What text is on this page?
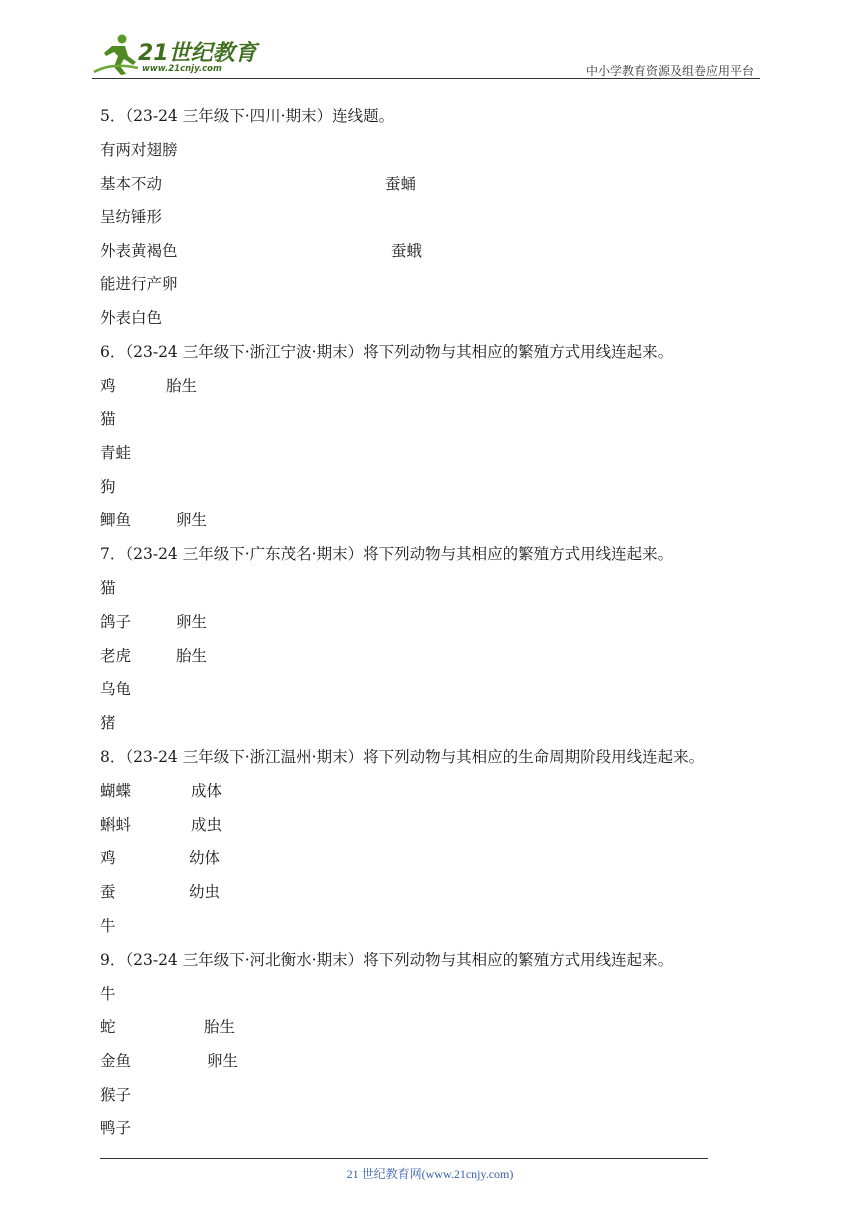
21世纪教育
www.21cnjy.com	中小学教育资源及组卷应用平台
5．（23-24 三年级下·四川·期末）连线题。
有两对翅膀
基本不动	蚕蛹
呈纺锤形
外表黄褐色	蚕蛾
能进行产卵
外表白色
6．（23-24 三年级下·浙江宁波·期末）将下列动物与其相应的繁殖方式用线连起来。
鸡	胎生
猫
青蛙
狗
鲫鱼	卵生
7．（23-24 三年级下·广东茂名·期末）将下列动物与其相应的繁殖方式用线连起来。
猫
鸽子	卵生
老虎	胎生
乌龟
猪
8．（23-24 三年级下·浙江温州·期末）将下列动物与其相应的生命周期阶段用线连起来。
蝴蝶	成体
蝌蚪	成虫
鸡	幼体
蚕	幼虫
牛
9．（23-24 三年级下·河北衡水·期末）将下列动物与其相应的繁殖方式用线连起来。
牛
蛇	胎生
金鱼	卵生
猴子
鸭子
21 世纪教育网(www.21cnjy.com)
